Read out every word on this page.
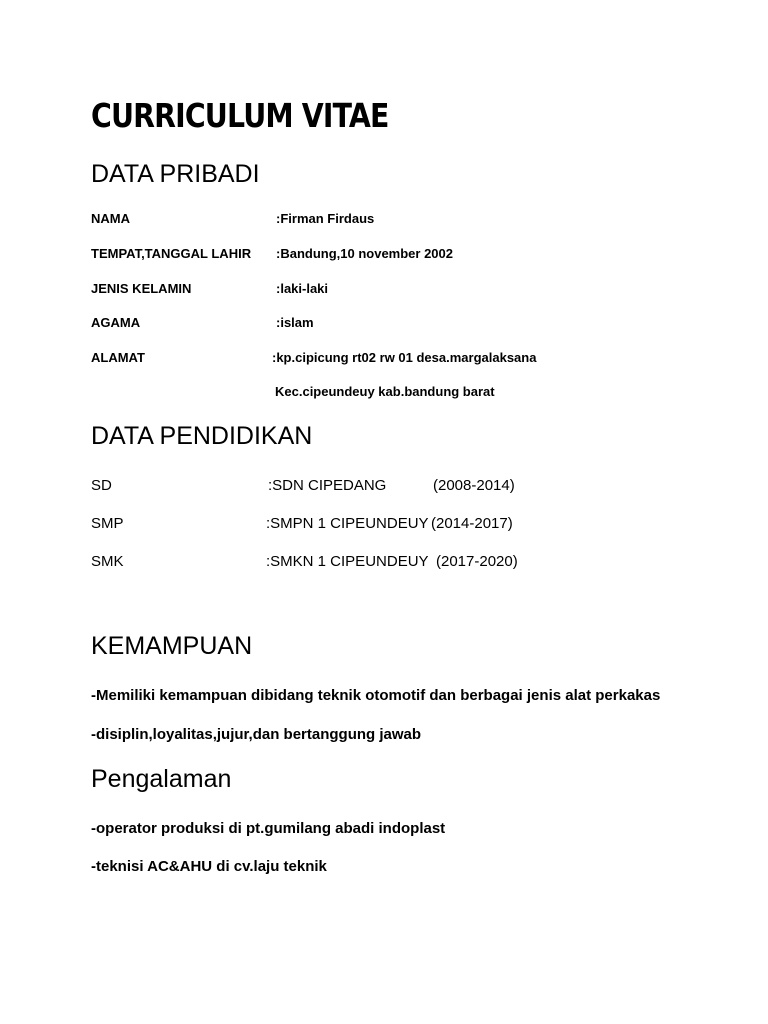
CURRICULUM VITAE
DATA PRIBADI
NAMA	:Firman Firdaus
TEMPAT,TANGGAL LAHIR :Bandung,10 november 2002
JENIS KELAMIN	:laki-laki
AGAMA	:islam
ALAMAT	:kp.cipicung rt02 rw 01 desa.margalaksana
Kec.cipeundeuy kab.bandung barat
DATA PENDIDIKAN
SD	:SDN CIPEDANG	(2008-2014)
SMP	:SMPN 1 CIPEUNDEUY (2014-2017)
SMK	:SMKN 1 CIPEUNDEUY (2017-2020)
KEMAMPUAN
-Memiliki kemampuan dibidang teknik otomotif dan berbagai jenis alat perkakas
-disiplin,loyalitas,jujur,dan bertanggung jawab
Pengalaman
-operator produksi di pt.gumilang abadi indoplast
-teknisi AC&AHU di cv.laju teknik
